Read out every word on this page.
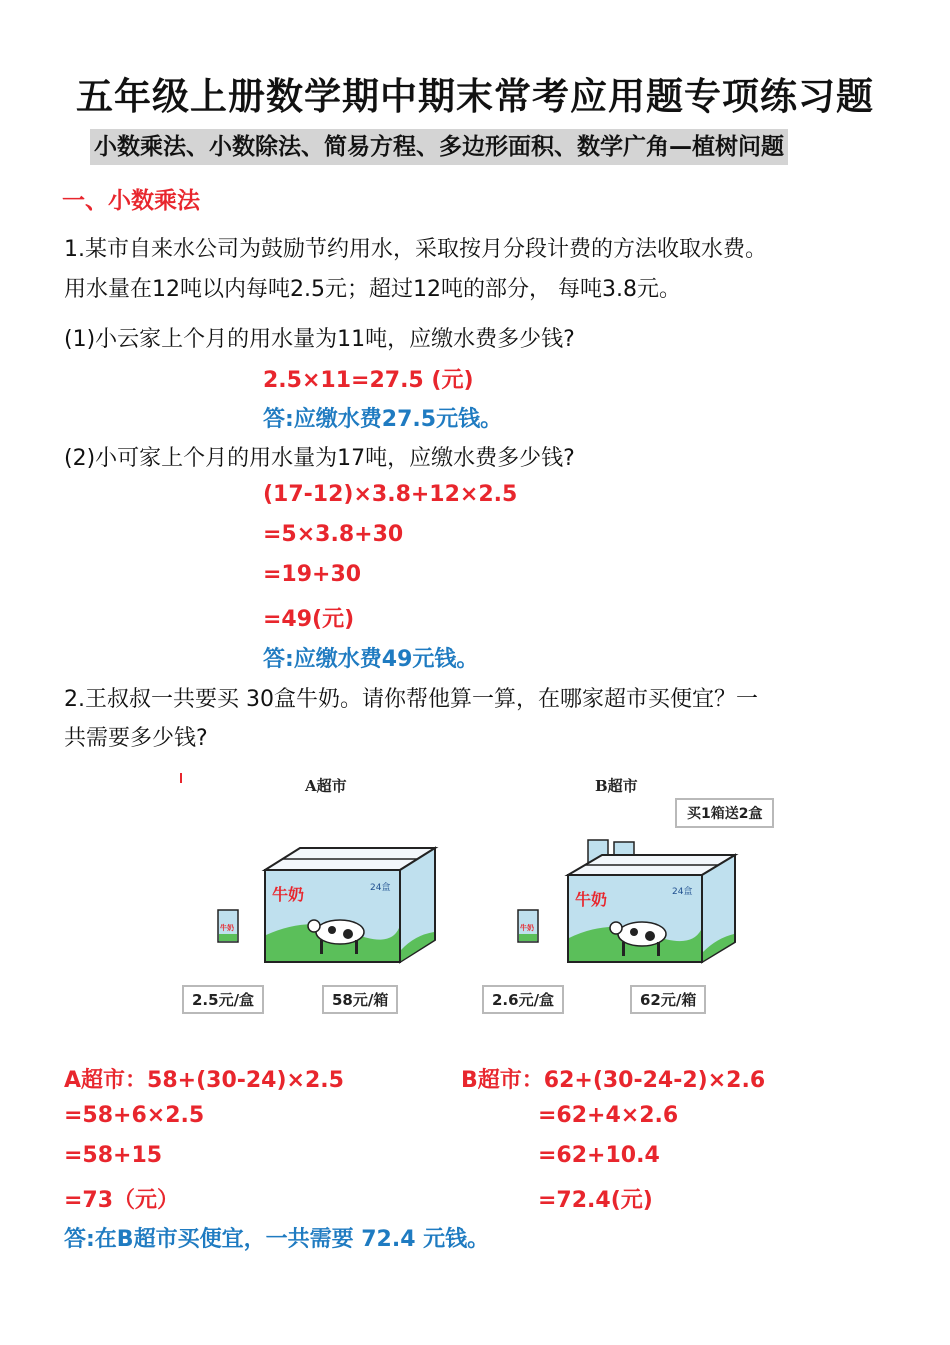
五年级上册数学期中期末常考应用题专项练习题
小数乘法、小数除法、简易方程、多边形面积、数学广角—植树问题
一、小数乘法
1.某市自来水公司为鼓励节约用水，采取按月分段计费的方法收取水费。
用水量在12吨以内每吨2.5元；超过12吨的部分， 每吨3.8元。
(1)小云家上个月的用水量为11吨，应缴水费多少钱?
2.5×11=27.5 (元)
答:应缴水费27.5元钱。
(2)小可家上个月的用水量为17吨，应缴水费多少钱?
(17-12)×3.8+12×2.5
=5×3.8+30
=19+30
=49(元)
答:应缴水费49元钱。
2.王叔叔一共要买 30盒牛奶。请你帮他算一算，在哪家超市买便宜？一
共需要多少钱?
A超市
牛奶	24盒
牛奶
2.5元/盒	58元/箱
B超市
买1箱送2盒
牛奶	24盒
牛奶
2.6元/盒	62元/箱
A超市：58+(30-24)×2.5
=58+6×2.5
=58+15
=73（元）
B超市：62+(30-24-2)×2.6
=62+4×2.6
=62+10.4
=72.4(元)
答:在B超市买便宜，一共需要 72.4 元钱。
